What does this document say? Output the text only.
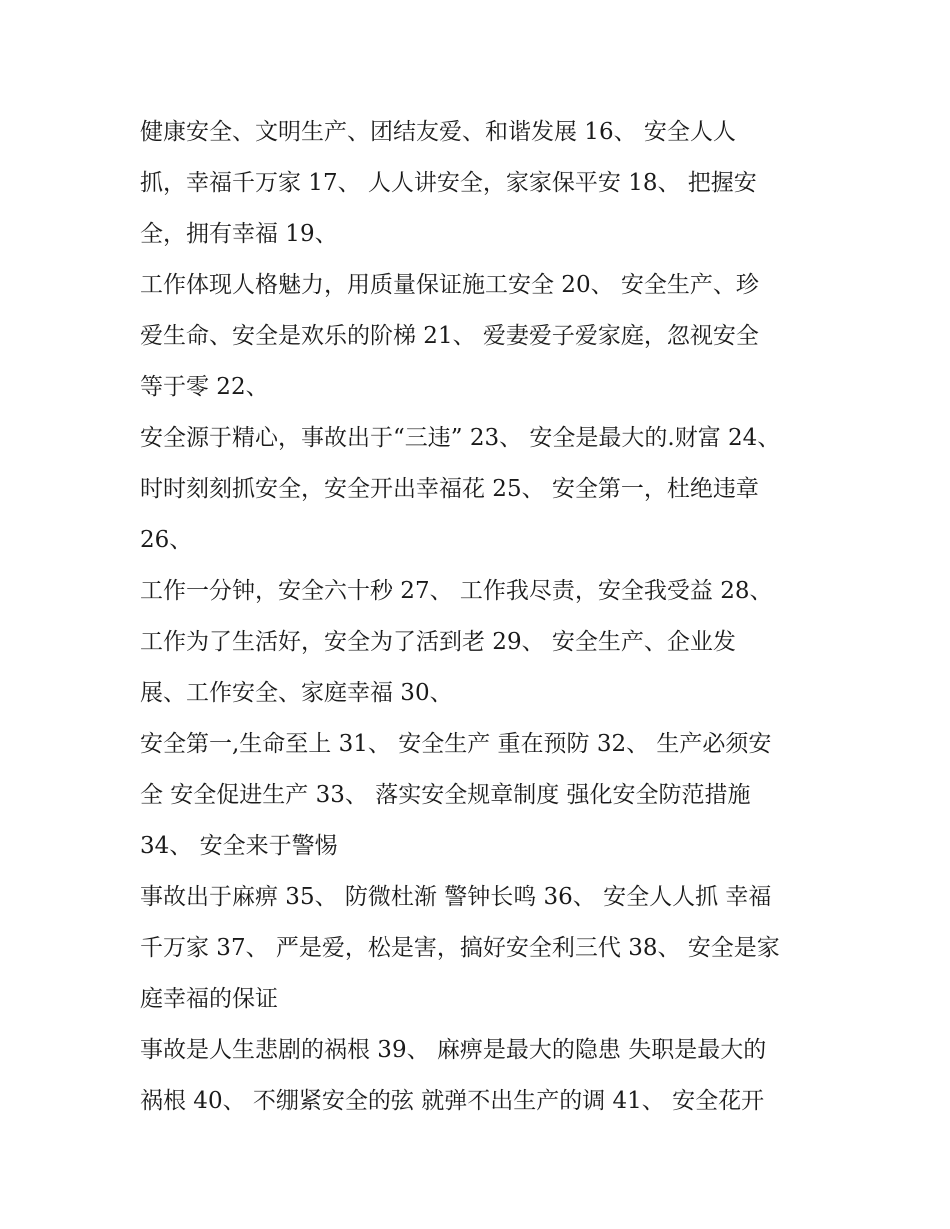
健康安全、文明生产、团结友爱、和谐发展 16、 安全人人
抓，幸福千万家 17、 人人讲安全，家家保平安 18、 把握安
全，拥有幸福 19、
工作体现人格魅力，用质量保证施工安全 20、 安全生产、珍
爱生命、安全是欢乐的阶梯 21、 爱妻爱子爱家庭，忽视安全
等于零 22、
安全源于精心，事故出于“三违” 23、 安全是最大的.财富 24、
时时刻刻抓安全，安全开出幸福花 25、 安全第一，杜绝违章
26、
工作一分钟，安全六十秒 27、 工作我尽责，安全我受益 28、
工作为了生活好，安全为了活到老 29、 安全生产、企业发
展、工作安全、家庭幸福 30、
安全第一,生命至上 31、 安全生产 重在预防 32、 生产必须安
全 安全促进生产 33、 落实安全规章制度 强化安全防范措施
34、 安全来于警惕
事故出于麻痹 35、 防微杜渐 警钟长鸣 36、 安全人人抓 幸福
千万家 37、 严是爱，松是害，搞好安全利三代 38、 安全是家
庭幸福的保证
事故是人生悲剧的祸根 39、 麻痹是最大的隐患 失职是最大的
祸根 40、 不绷紧安全的弦 就弹不出生产的调 41、 安全花开
